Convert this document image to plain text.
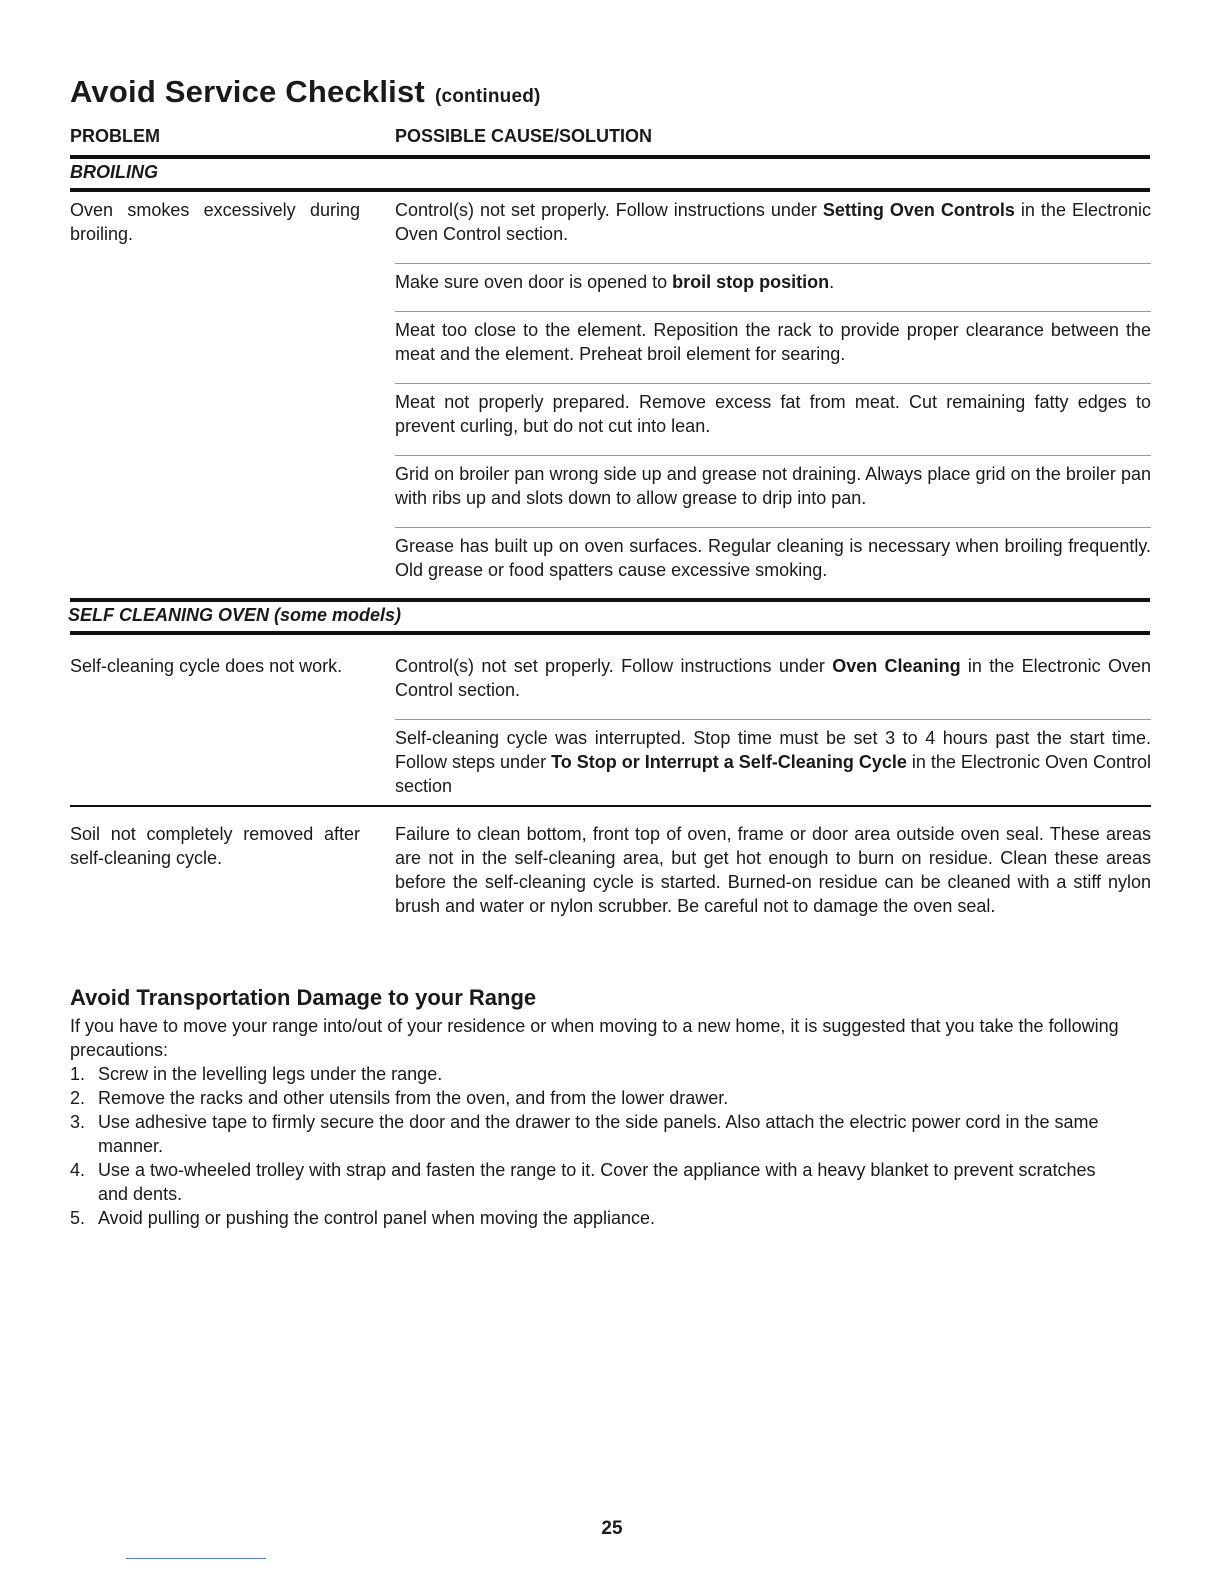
Avoid Service Checklist (continued)
PROBLEM	POSSIBLE CAUSE/SOLUTION
BROILING
Oven smokes excessively during broiling.
Control(s) not set properly. Follow instructions under Setting Oven Controls in the Electronic Oven Control section.
Make sure oven door is opened to broil stop position.
Meat too close to the element. Reposition the rack to provide proper clearance between the meat and the element. Preheat broil element for searing.
Meat not properly prepared. Remove excess fat from meat. Cut remaining fatty edges to prevent curling, but do not cut into lean.
Grid on broiler pan wrong side up and grease not draining. Always place grid on the broiler pan with ribs up and slots down to allow grease to drip into pan.
Grease has built up on oven surfaces. Regular cleaning is necessary when broiling frequently. Old grease or food spatters cause excessive smoking.
SELF CLEANING OVEN (some models)
Self-cleaning cycle does not work.	Control(s) not set properly. Follow instructions under Oven Cleaning in the Electronic Oven Control section.
Self-cleaning cycle was interrupted. Stop time must be set 3 to 4 hours past the start time. Follow steps under To Stop or Interrupt a Self-Cleaning Cycle in the Electronic Oven Control section
Soil not completely removed after self-cleaning cycle.
Failure to clean bottom, front top of oven, frame or door area outside oven seal. These areas are not in the self-cleaning area, but get hot enough to burn on residue. Clean these areas before the self-cleaning cycle is started. Burned-on residue can be cleaned with a stiff nylon brush and water or nylon scrubber. Be careful not to damage the oven seal.
Avoid Transportation Damage to your Range
If you have to move your range into/out of your residence or when moving to a new home, it is suggested that you take the following precautions:
1. Screw in the levelling legs under the range.
2. Remove the racks and other utensils from the oven, and from the lower drawer.
3. Use adhesive tape to firmly secure the door and the drawer to the side panels. Also attach the electric power cord in the same manner.
4. Use a two-wheeled trolley with strap and fasten the range to it. Cover the appliance with a heavy blanket to prevent scratches and dents.
5. Avoid pulling or pushing the control panel when moving the appliance.
25
